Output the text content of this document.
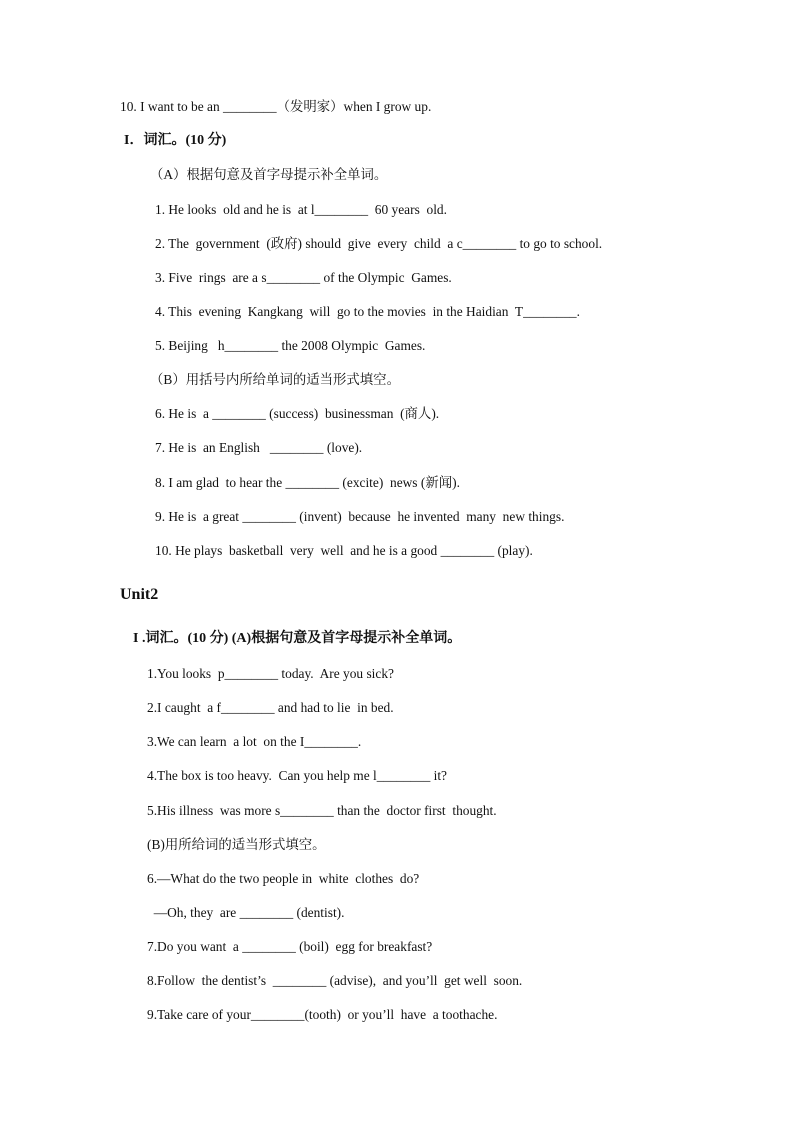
10. I want to be an ________（发明家）when I grow up.
I．词汇。(10 分)
（A）根据句意及首字母提示补全单词。
1. He looks  old and he is  at l________  60 years  old.
2. The  government  (政府) should  give  every  child  a c________ to go to school.
3. Five  rings  are a s________ of the Olympic  Games.
4. This  evening  Kangkang  will  go to the movies  in the Haidian  T________.
5. Beijing   h________ the 2008 Olympic  Games.
（B）用括号内所给单词的适当形式填空。
6. He is  a ________ (success)  businessman  (商人).
7. He is  an English   ________ (love).
8. I am glad  to hear the ________ (excite)  news (新闻).
9. He is  a great ________ (invent)  because  he invented  many  new things.
10. He plays  basketball  very  well  and he is a good ________ (play).
Unit2
I .词汇。(10 分) (A)根据句意及首字母提示补全单词。
1.You looks  p________ today.  Are you sick?
2.I caught  a f________ and had to lie  in bed.
3.We can learn  a lot  on the I________.
4.The box is too heavy.  Can you help me l________ it?
5.His illness  was more s________ than the  doctor first  thought.
(B)用所给词的适当形式填空。
6.—What do the two people in  white  clothes  do?
—Oh, they  are ________ (dentist).
7.Do you want  a ________ (boil)  egg for breakfast?
8.Follow  the dentist’s  ________ (advise),  and you’ll  get well  soon.
9.Take care of your________(tooth)  or you’ll  have  a toothache.
